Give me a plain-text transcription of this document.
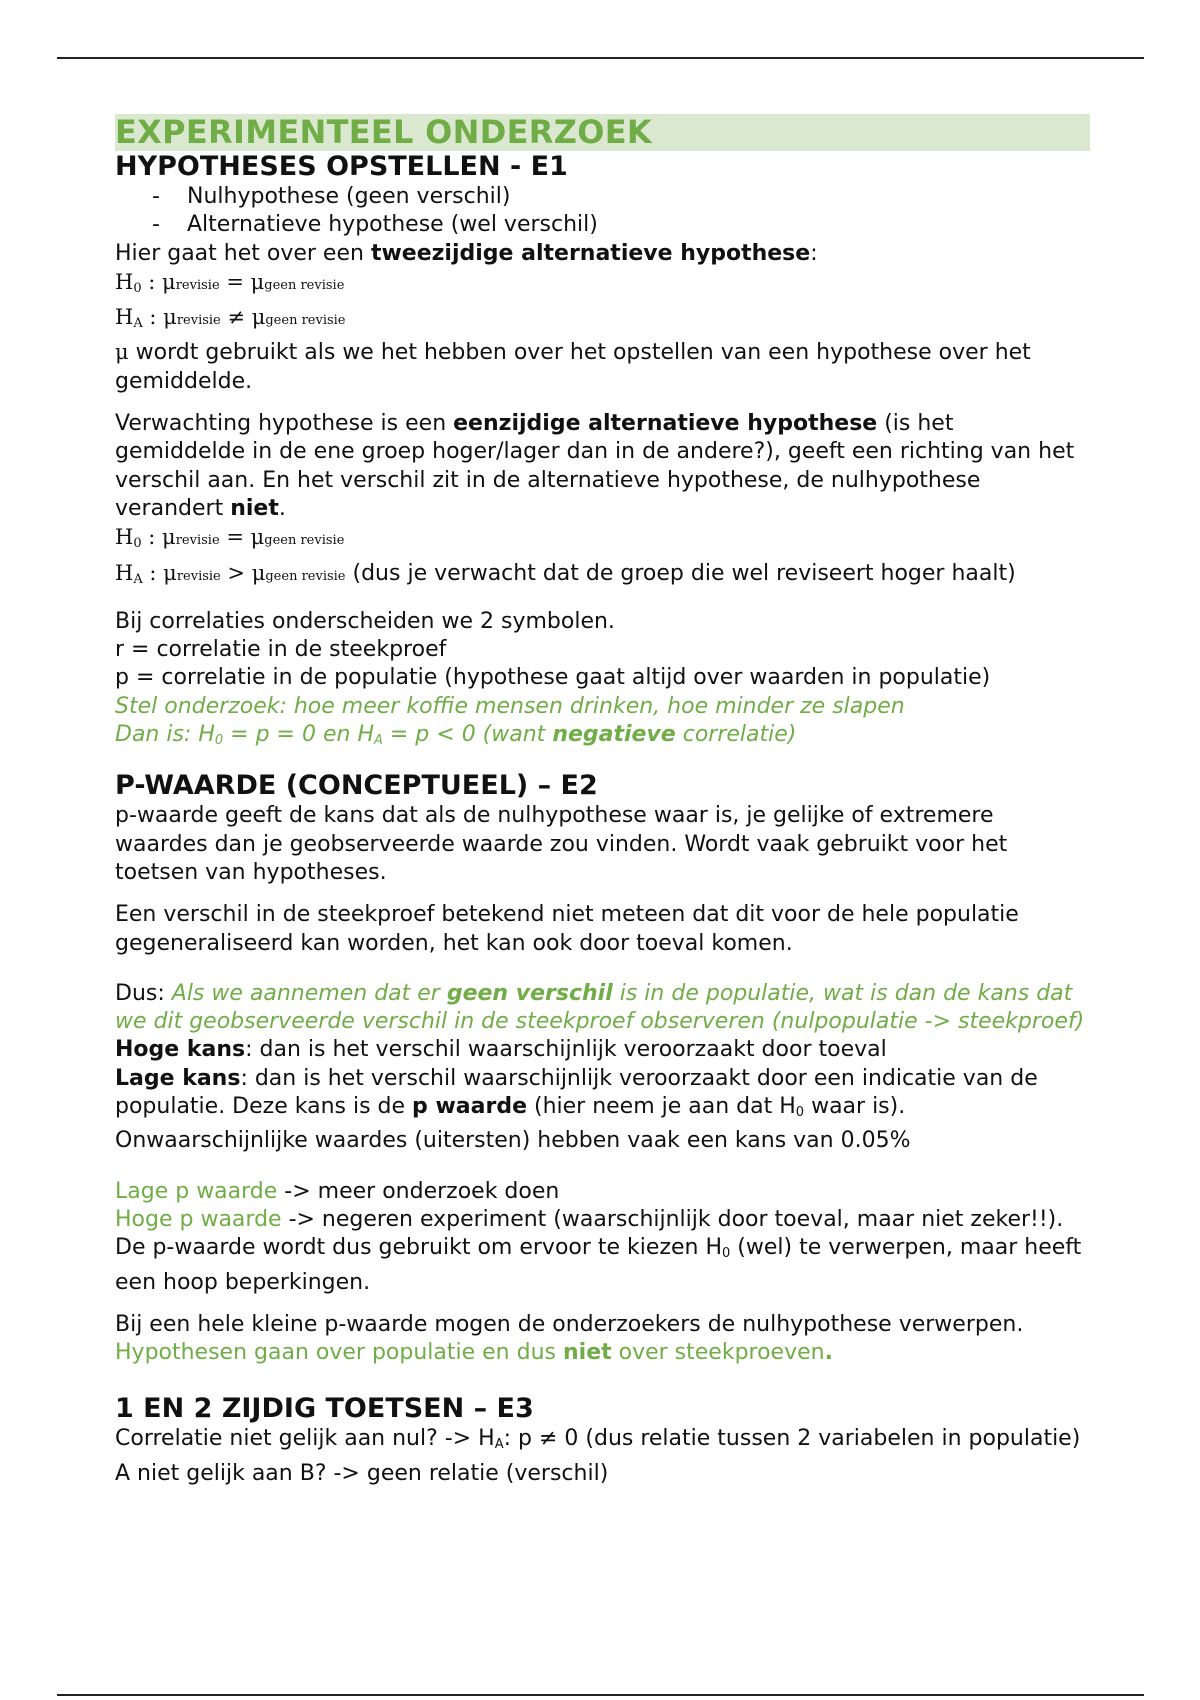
EXPERIMENTEEL ONDERZOEK
HYPOTHESES OPSTELLEN - E1
- Nulhypothese (geen verschil)
- Alternatieve hypothese (wel verschil)

Hier gaat het over een tweezijdige alternatieve hypothese:

$H_0$ : μrevisie = μgeen revisie

$H_A$ : μrevisie ≠ μgeen revisie

μ wordt gebruikt als we het hebben over het opstellen van een hypothese over het gemiddelde.

Verwachting hypothese is een eenzijdige alternatieve hypothese (is het gemiddelde in de ene groep hoger/lager dan in de andere?), geeft een richting van het verschil aan. En het verschil zit in de alternatieve hypothese, de nulhypothese verandert niet.

$H_0$ : μrevisie = μgeen revisie

$H_A$ : μrevisie > μgeen revisie (dus je verwacht dat de groep die wel reviseert hoger haalt)

Bij correlaties onderscheiden we 2 symbolen.

r = correlatie in de steekproef

p = correlatie in de populatie (hypothese gaat altijd over waarden in populatie)

Stel onderzoek: hoe meer koffie mensen drinken, hoe minder ze slapen

Dan is: $H_0 = p = 0$ en $H_A = p < 0$ (want negatieve correlatie)

P-WAARDE (CONCEPTUEEL) – E2

p-waarde geeft de kans dat als de nulhypothese waar is, je gelijke of extremere waardes dan je geobserveerde waarde zou vinden. Wordt vaak gebruikt voor het toetsen van hypotheses.

Een verschil in de steekproef betekend niet meteen dat dit voor de hele populatie gegeneraliseerd kan worden, het kan ook door toeval komen.

Dus: Als we aannemen dat er geen verschil is in de populatie, wat is dan de kans dat we dit geobserveerde verschil in de steekproef observeren (nulpopulatie -> steekproef)

Hoge kans: dan is het verschil waarschijnlijk veroorzaakt door toeval

Lage kans: dan is het verschil waarschijnlijk veroorzaakt door een indicatie van de populatie. Deze kans is de p waarde (hier neem je aan dat $H_0$ waar is). Onwaarschijnlijke waardes (uitersten) hebben vaak een kans van 0.05%

Lage p waarde -> meer onderzoek doen

Hoge p waarde -> negeren experiment (waarschijnlijk door toeval, maar niet zeker!!). De p-waarde wordt dus gebruikt om ervoor te kiezen $H_0$ (wel) te verwerpen, maar heeft een hoop beperkingen.

Bij een hele kleine p-waarde mogen de onderzoekers de nulhypothese verwerpen. Hypothesen gaan over populatie en dus niet over steekproeven.

1 EN 2 ZIJDIG TOETSEN – E3

Correlatie niet gelijk aan nul? -> $H_A$: p ≠ 0 (dus relatie tussen 2 variabelen in populatie)

A niet gelijk aan B? -> geen relatie (verschil)
